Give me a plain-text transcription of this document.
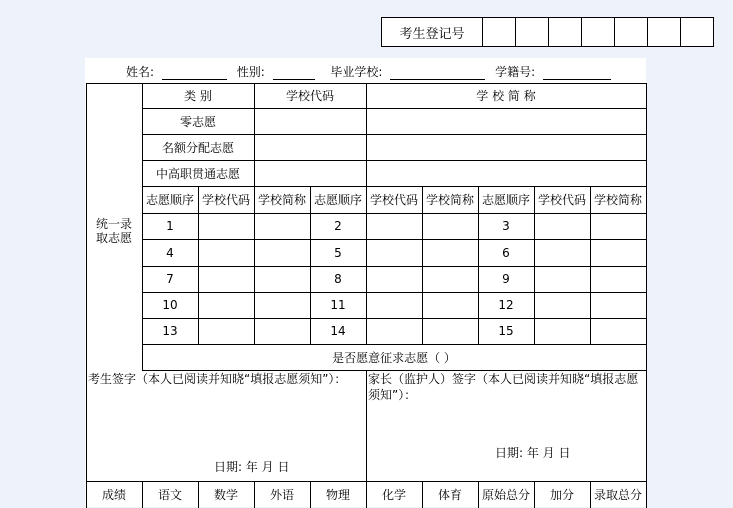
考生登记号
姓名:	性别:	毕业学校:	学籍号:
类 别	学校代码	学 校 简 称
零志愿
名额分配志愿
中高职贯通志愿
志愿顺序 学校代码 学校简称 志愿顺序 学校代码 学校简称 志愿顺序 学校代码 学校简称
1	2	3
4	5	6
7	8	9
10	11	12
13	14	15
统一录
取志愿
是否愿意征求志愿（ ）
考生签字（本人已阅读并知晓“填报志愿须知”）：	家长（监护人）签字（本人已阅读并知晓“填报志愿须知”）：
日期: 年 月 日
日期: 年 月 日
成绩	语文	数学	外语	物理	化学	体育	原始总分	加分	录取总分
